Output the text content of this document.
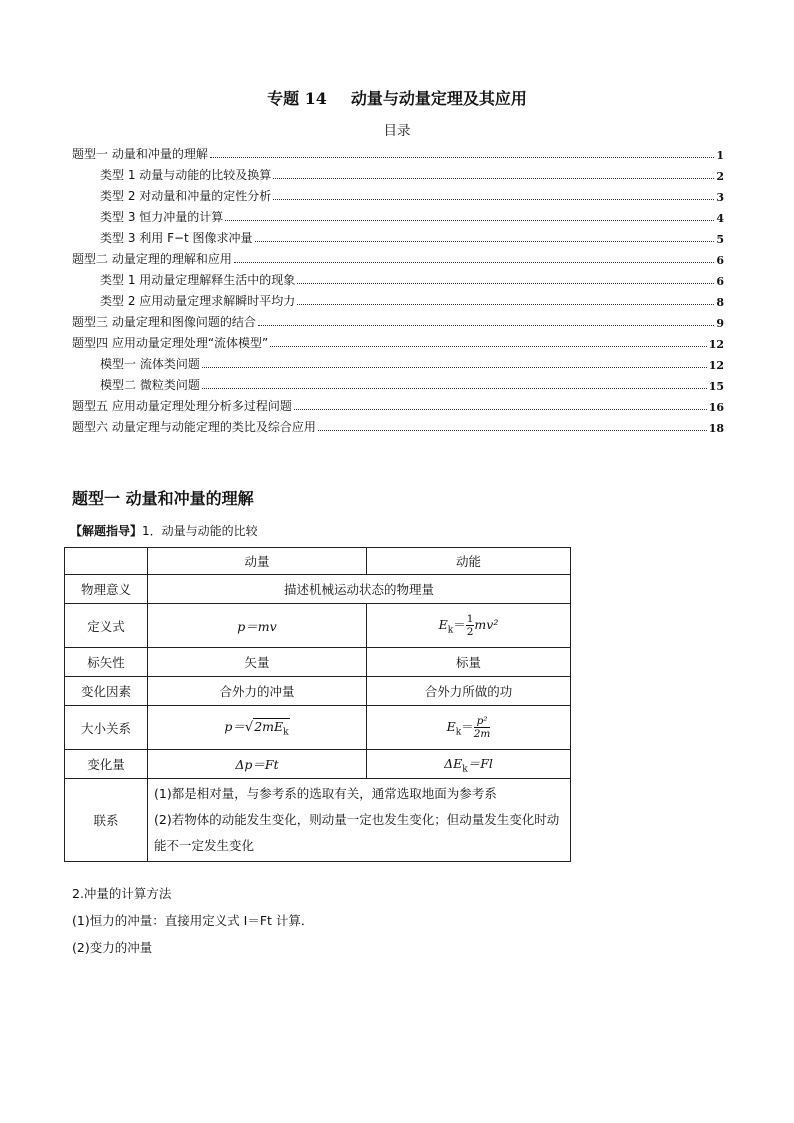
专题 14 动量与动量定理及其应用
目录
题型一 动量和冲量的理解	1
类型 1 动量与动能的比较及换算	2
类型 2 对动量和冲量的定性分析	3
类型 3 恒力冲量的计算	4
类型 3 利用 F−t 图像求冲量	5
题型二 动量定理的理解和应用	6
类型 1 用动量定理解释生活中的现象	6
类型 2 应用动量定理求解瞬时平均力	8
题型三 动量定理和图像问题的结合	9
题型四 应用动量定理处理“流体模型”	12
模型一 流体类问题	12
模型二 微粒类问题	15
题型五 应用动量定理处理分析多过程问题	16
题型六 动量定理与动能定理的类比及综合应用	18
题型一 动量和冲量的理解
【解题指导】1．动量与动能的比较
	动量	动能
物理意义	描述机械运动状态的物理量	
定义式	p＝mv	$E_k= \frac{1}{2} mv^2$
标矢性	矢量	标量
变化因素	合外力的冲量	合外力所做的功
大小关系	$p=√2mE_k$	$E_k= \frac{\text{p²}}{2m}$

变化量	Δp＝Ft	$\Delta E_k=Fl$
联系	(1)都是相对量，与参考系的选取有关，通常选取地面为参考系
(2)若物体的动能发生变化，则动量一定也发生变化；但动量发生变化时动能不一定发生变化	
2.冲量的计算方法
(1)恒力的冲量：直接用定义式 I＝Ft 计算．
(2)变力的冲量
